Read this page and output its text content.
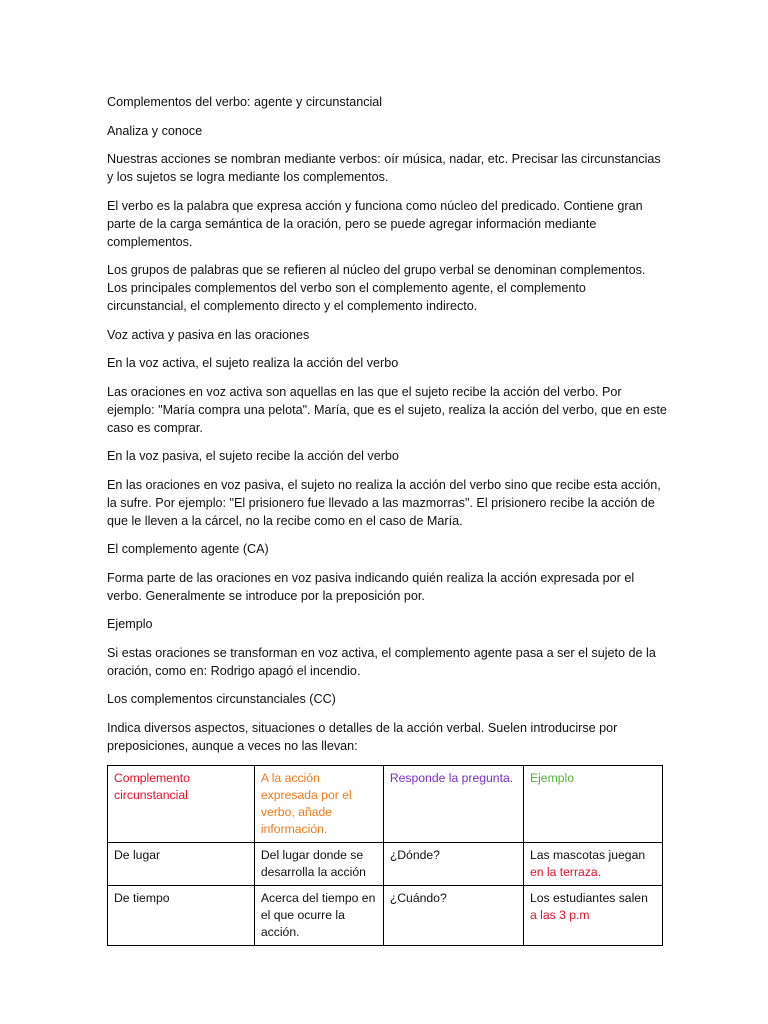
Complementos del verbo: agente y circunstancial

Analiza y conoce

Nuestras acciones se nombran mediante verbos: oír música, nadar, etc. Precisar las circunstancias y los sujetos se logra mediante los complementos.

El verbo es la palabra que expresa acción y funciona como núcleo del predicado. Contiene gran parte de la carga semántica de la oración, pero se puede agregar información mediante complementos.

Los grupos de palabras que se refieren al núcleo del grupo verbal se denominan complementos. Los principales complementos del verbo son el complemento agente, el complemento circunstancial, el complemento directo y el complemento indirecto.

Voz activa y pasiva en las oraciones

En la voz activa, el sujeto realiza la acción del verbo

Las oraciones en voz activa son aquellas en las que el sujeto recibe la acción del verbo. Por ejemplo: "María compra una pelota". María, que es el sujeto, realiza la acción del verbo, que en este caso es comprar.

En la voz pasiva, el sujeto recibe la acción del verbo

En las oraciones en voz pasiva, el sujeto no realiza la acción del verbo sino que recibe esta acción, la sufre. Por ejemplo: "El prisionero fue llevado a las mazmorras". El prisionero recibe la acción de que le lleven a la cárcel, no la recibe como en el caso de María.

El complemento agente (CA)

Forma parte de las oraciones en voz pasiva indicando quién realiza la acción expresada por el verbo. Generalmente se introduce por la preposición por.

Ejemplo

Si estas oraciones se transforman en voz activa, el complemento agente pasa a ser el sujeto de la oración, como en: Rodrigo apagó el incendio.

Los complementos circunstanciales (CC)

Indica diversos aspectos, situaciones o detalles de la acción verbal. Suelen introducirse por preposiciones, aunque a veces no las llevan:

Complemento circunstancial	A la acción expresada por el verbo, añade información.	Responde la pregunta.	Ejemplo
De lugar	Del lugar donde se desarrolla la acción	¿Dónde?	Las mascotas juegan en la terraza.
De tiempo	Acerca del tiempo en el que ocurre la acción.	¿Cuándo?	Los estudiantes salen a las 3 p.m
